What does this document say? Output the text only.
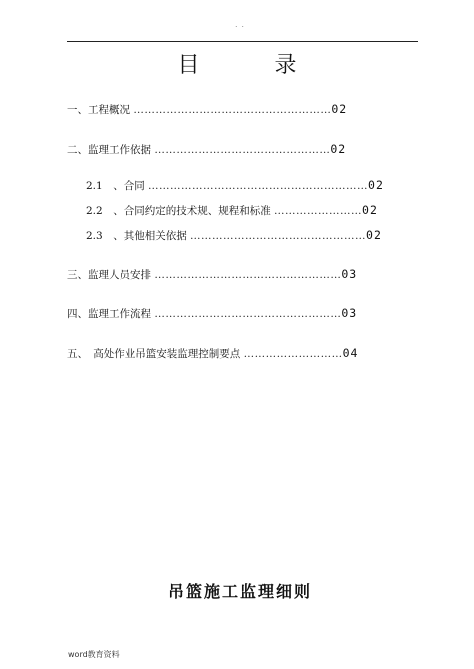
. .
目 录
一、工程概况 ………………………………………………02
二、监理工作依据 …………………………………………02
2.1　、合同 ……………………………………………………02
2.2　、合同约定的技术规、规程和标准 ……………………02
2.3　、其他相关依据 …………………………………………02
三、监理人员安排 ……………………………………………03
四、监理工作流程 ……………………………………………03
五、　高处作业吊篮安装监理控制要点 ………………………04
吊篮施工监理细则
word教育资料
